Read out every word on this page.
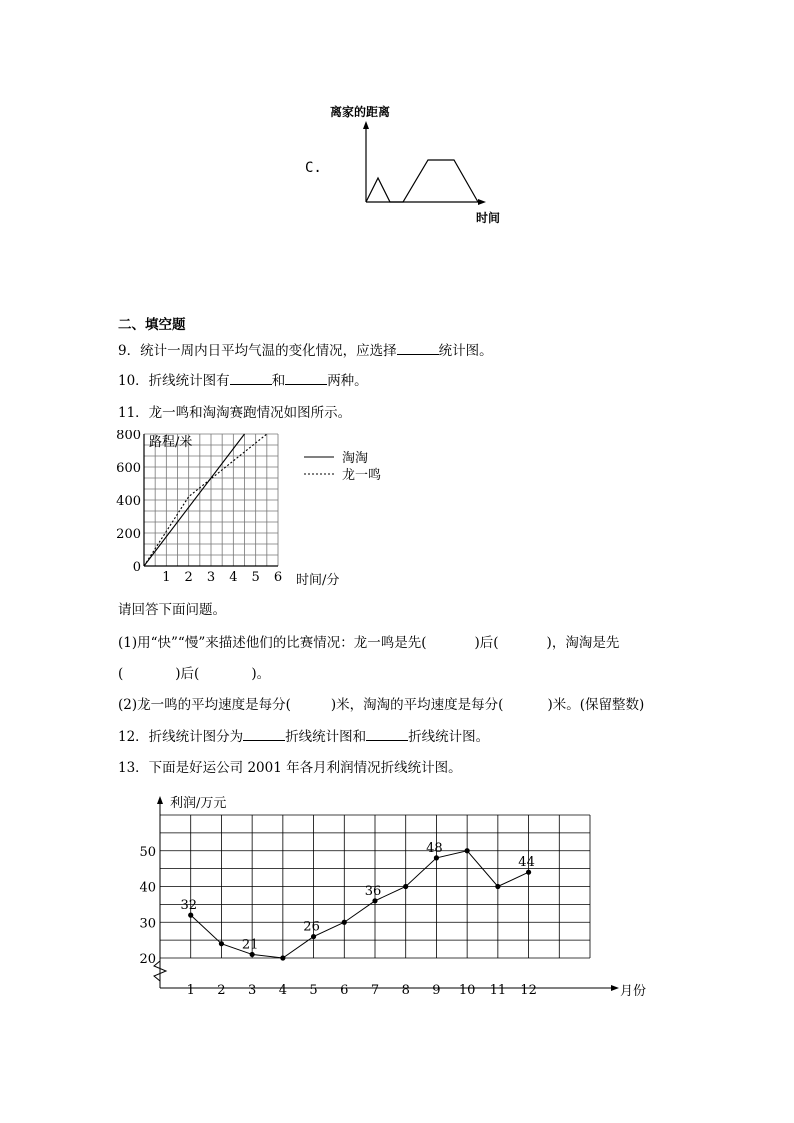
C.
离家的距离
时间
二、填空题
9．统计一周内日平均气温的变化情况，应选择	统计图。
10．折线统计图有	和	两种。
11．龙一鸣和淘淘赛跑情况如图所示。
路程/米
时间/分
0
200
400
600
800
1 2 3 4 5 6
淘淘
龙一鸣
请回答下面问题。
(1)用“快”“慢”来描述他们的比赛情况：龙一鸣是先(	)后(	)，淘淘是先
(	)后(	)。
(2)龙一鸣的平均速度是每分(	)米，淘淘的平均速度是每分(	)米。(保留整数)
12．折线统计图分为	折线统计图和	折线统计图。
13．下面是好运公司 2001 年各月利润情况折线统计图。
利润/万元
月份
20
30
40
50
1 2 3 4 5 6 7 8 9 10 11 12
32
21
26
36
48
44
